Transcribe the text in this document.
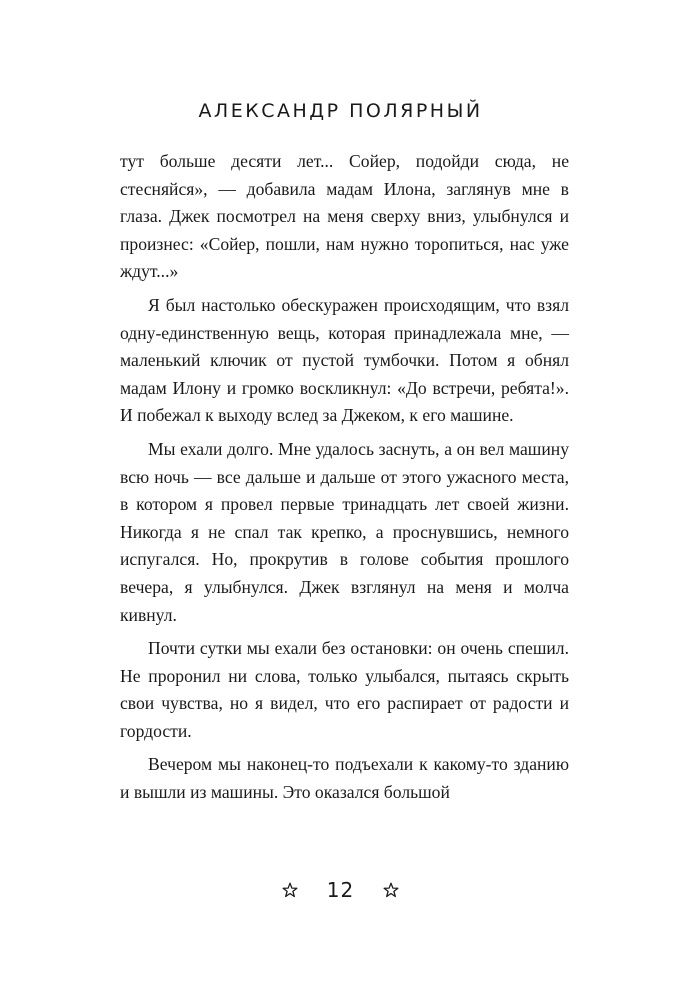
АЛЕКСАНДР ПОЛЯРНЫЙ

тут больше десяти лет... Сойер, подойди сюда, не стесняйся», — добавила мадам Илона, заглянув мне в глаза. Джек посмотрел на меня сверху вниз, улыбнулся и произнес: «Сойер, пошли, нам нужно торопиться, нас уже ждут...»

Я был настолько обескуражен происходящим, что взял одну-единственную вещь, которая принадлежала мне, — маленький ключик от пустой тумбочки. Потом я обнял мадам Илону и громко воскликнул: «До встречи, ребята!». И побежал к выходу вслед за Джеком, к его машине.

Мы ехали долго. Мне удалось заснуть, а он вел машину всю ночь — все дальше и дальше от этого ужасного места, в котором я провел первые тринадцать лет своей жизни. Никогда я не спал так крепко, а проснувшись, немного испугался. Но, прокрутив в голове события прошлого вечера, я улыбнулся. Джек взглянул на меня и молча кивнул.

Почти сутки мы ехали без остановки: он очень спешил. Не проронил ни слова, только улыбался, пытаясь скрыть свои чувства, но я видел, что его распирает от радости и гордости.

Вечером мы наконец-то подъехали к какому-то зданию и вышли из машины. Это оказался большой

12
